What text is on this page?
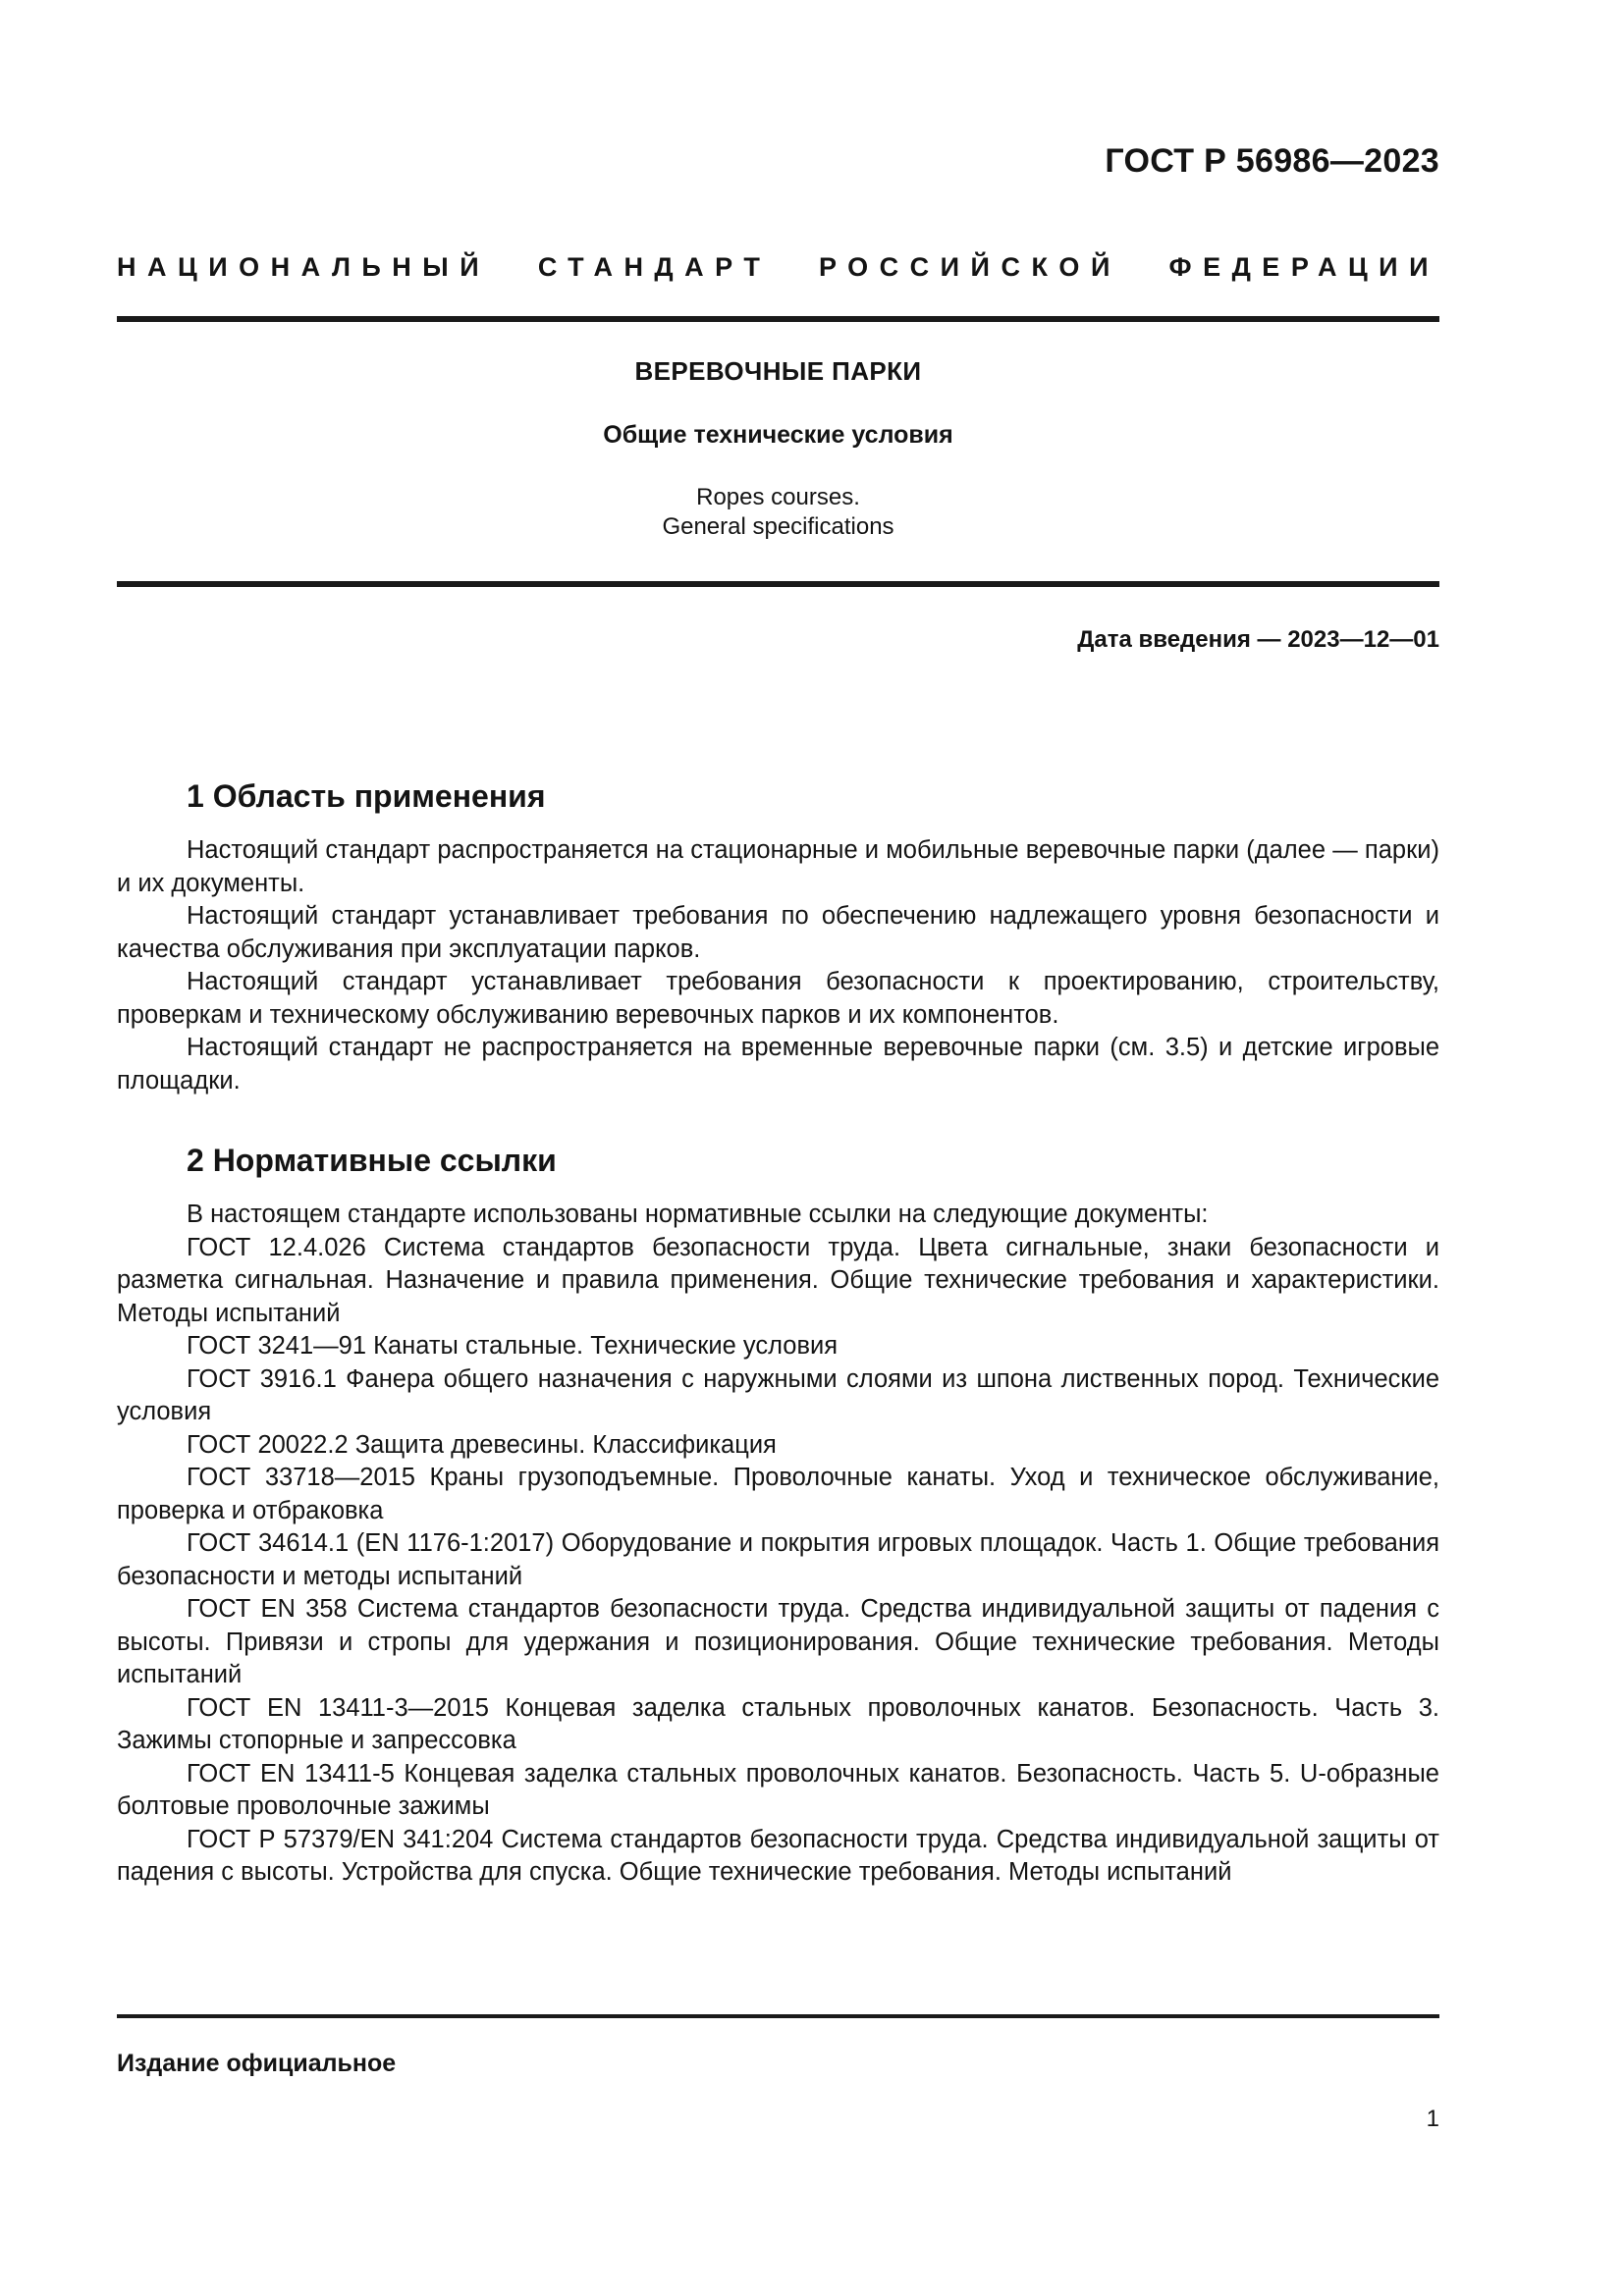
ГОСТ Р 56986—2023
НАЦИОНАЛЬНЫЙ СТАНДАРТ РОССИЙСКОЙ ФЕДЕРАЦИИ
ВЕРЕВОЧНЫЕ ПАРКИ
Общие технические условия
Ropes courses.
General specifications
Дата введения — 2023—12—01
1 Область применения

Настоящий стандарт распространяется на стационарные и мобильные веревочные парки (далее — парки) и их документы.

Настоящий стандарт устанавливает требования по обеспечению надлежащего уровня безопасности и качества обслуживания при эксплуатации парков.

Настоящий стандарт устанавливает требования безопасности к проектированию, строительству, проверкам и техническому обслуживанию веревочных парков и их компонентов.

Настоящий стандарт не распространяется на временные веревочные парки (см. 3.5) и детские игровые площадки.

2 Нормативные ссылки

В настоящем стандарте использованы нормативные ссылки на следующие документы:

ГОСТ 12.4.026 Система стандартов безопасности труда. Цвета сигнальные, знаки безопасности и разметка сигнальная. Назначение и правила применения. Общие технические требования и характеристики. Методы испытаний

ГОСТ 3241—91 Канаты стальные. Технические условия

ГОСТ 3916.1 Фанера общего назначения с наружными слоями из шпона лиственных пород. Технические условия

ГОСТ 20022.2 Защита древесины. Классификация

ГОСТ 33718—2015 Краны грузоподъемные. Проволочные канаты. Уход и техническое обслуживание, проверка и отбраковка

ГОСТ 34614.1 (EN 1176-1:2017) Оборудование и покрытия игровых площадок. Часть 1. Общие требования безопасности и методы испытаний

ГОСТ EN 358 Система стандартов безопасности труда. Средства индивидуальной защиты от падения с высоты. Привязи и стропы для удержания и позиционирования. Общие технические требования. Методы испытаний

ГОСТ EN 13411-3—2015 Концевая заделка стальных проволочных канатов. Безопасность. Часть 3. Зажимы стопорные и запрессовка

ГОСТ EN 13411-5 Концевая заделка стальных проволочных канатов. Безопасность. Часть 5. U-образные болтовые проволочные зажимы

ГОСТ Р 57379/EN 341:204 Система стандартов безопасности труда. Средства индивидуальной защиты от падения с высоты. Устройства для спуска. Общие технические требования. Методы испытаний

Издание официальное
1
